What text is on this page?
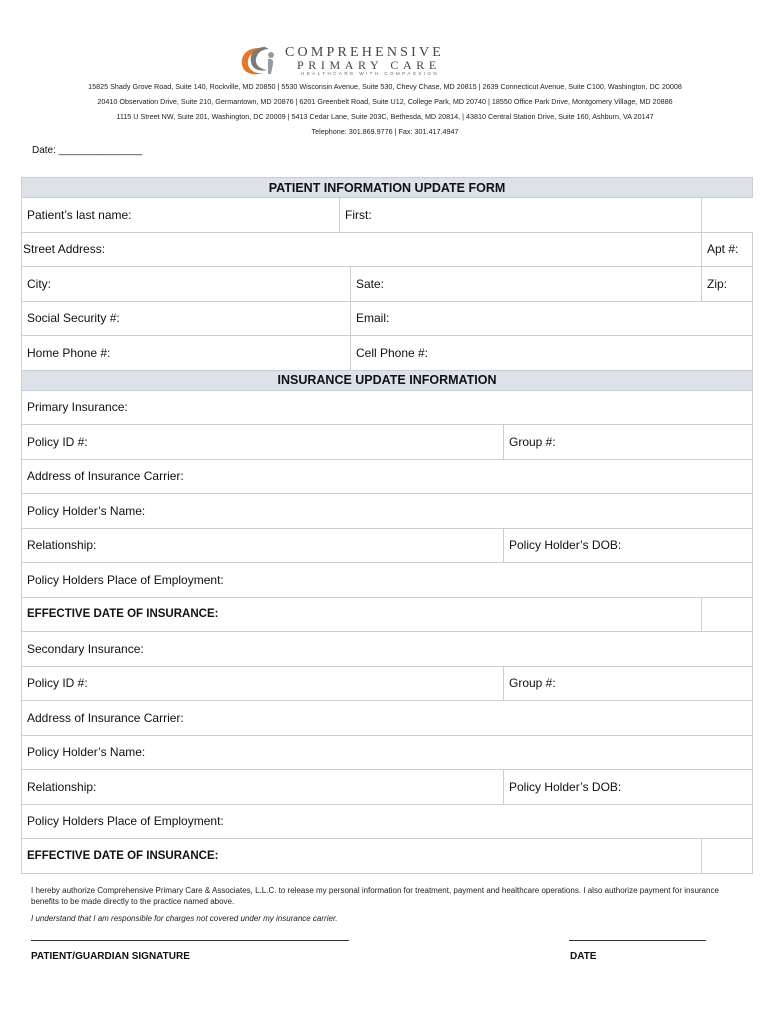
COMPREHENSIVE
PRIMARY CARE
HEALTHCARE WITH COMPASSION
15825 Shady Grove Road, Suite 140, Rockville, MD 20850 | 5530 Wisconsin Avenue, Suite 530, Chevy Chase, MD 20815 | 2639 Connecticut Avenue, Suite C100, Washington, DC 20008
20410 Observation Drive, Suite 210, Germantown, MD 20876 | 6201 Greenbelt Road, Suite U12, College Park, MD 20740 | 18550 Office Park Drive, Montgomery Village, MD 20886
1115 U Street NW, Suite 201, Washington, DC 20009 | 5413 Cedar Lane, Suite 203C, Bethesda, MD 20814, | 43810 Central Station Drive, Suite 160, Ashburn, VA 20147
Telephone: 301.869.9776 | Fax: 301.417.4947
Date: _______________
PATIENT INFORMATION UPDATE FORM				
Patient’s last name:	First:		
Street Address:				Apt #:
City:		Sate:		Zip:
Social Security #:		Email:		
Home Phone #:		Cell Phone #:		
INSURANCE UPDATE INFORMATION				
Primary Insurance:				
Policy ID #:			Group #:	
Address of Insurance Carrier:				
Policy Holder’s Name:				
Relationship:			Policy Holder’s DOB:	
Policy Holders Place of Employment:				
EFFECTIVE DATE OF INSURANCE:				
Secondary Insurance:				
Policy ID #:			Group #:	
Address of Insurance Carrier:				
Policy Holder’s Name:				
Relationship:			Policy Holder’s DOB:	
Policy Holders Place of Employment:				
EFFECTIVE DATE OF INSURANCE:				
I hereby authorize Comprehensive Primary Care & Associates, L.L.C. to release my personal information for treatment, payment and healthcare operations. I also authorize payment for insurance benefits to be made directly to the practice named above.
I understand that I am responsible for charges not covered under my insurance carrier.
PATIENT/GUARDIAN SIGNATURE	DATE
